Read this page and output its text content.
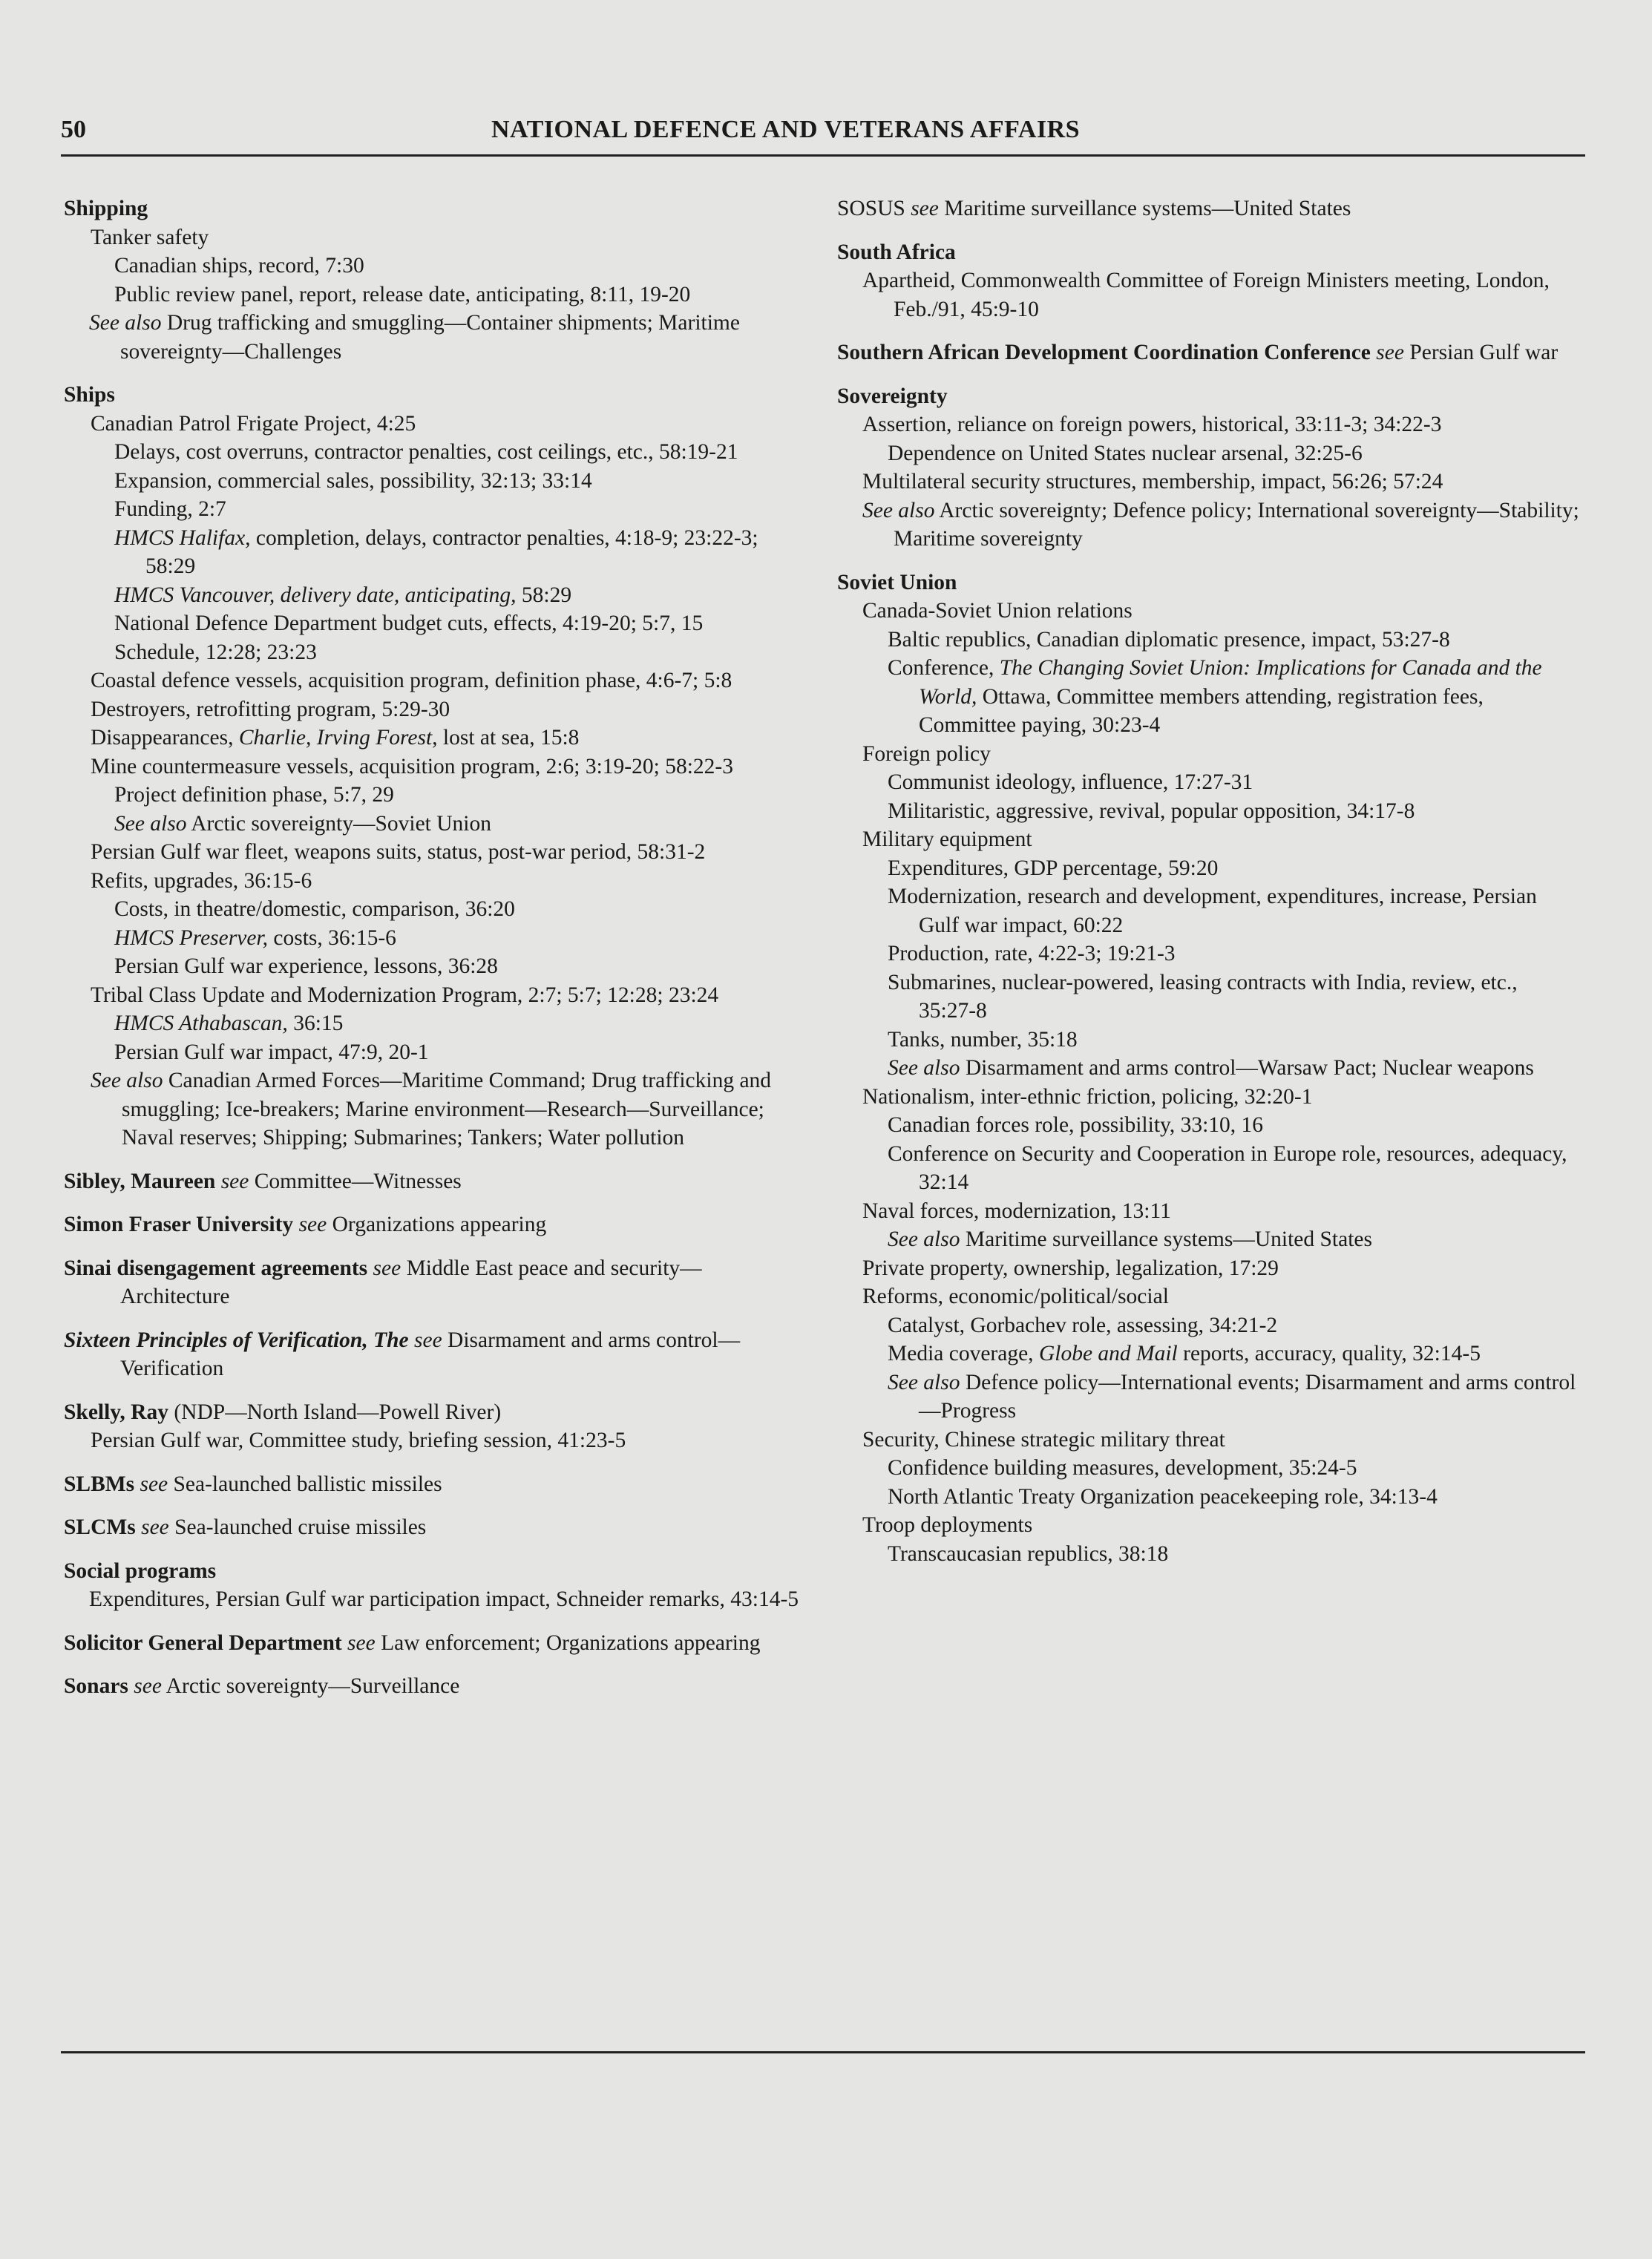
50	NATIONAL DEFENCE AND VETERANS AFFAIRS
Shipping
Tanker safety
Canadian ships, record, 7:30
Public review panel, report, release date, anticipating, 8:11, 19-20
See also Drug trafficking and smuggling—Container shipments; Maritime sovereignty—Challenges
Ships
Canadian Patrol Frigate Project, 4:25
Delays, cost overruns, contractor penalties, cost ceilings, etc., 58:19-21
Expansion, commercial sales, possibility, 32:13; 33:14
Funding, 2:7
HMCS Halifax, completion, delays, contractor penalties, 4:18-9; 23:22-3; 58:29
HMCS Vancouver, delivery date, anticipating, 58:29
National Defence Department budget cuts, effects, 4:19-20; 5:7, 15
Schedule, 12:28; 23:23
Coastal defence vessels, acquisition program, definition phase, 4:6-7; 5:8
Destroyers, retrofitting program, 5:29-30
Disappearances, Charlie, Irving Forest, lost at sea, 15:8
Mine countermeasure vessels, acquisition program, 2:6; 3:19-20; 58:22-3
Project definition phase, 5:7, 29
See also Arctic sovereignty—Soviet Union
Persian Gulf war fleet, weapons suits, status, post-war period, 58:31-2
Refits, upgrades, 36:15-6
Costs, in theatre/domestic, comparison, 36:20
HMCS Preserver, costs, 36:15-6
Persian Gulf war experience, lessons, 36:28
Tribal Class Update and Modernization Program, 2:7; 5:7; 12:28; 23:24
HMCS Athabascan, 36:15
Persian Gulf war impact, 47:9, 20-1
See also Canadian Armed Forces—Maritime Command; Drug trafficking and smuggling; Ice-breakers; Marine environment—Research—Surveillance; Naval reserves; Shipping; Submarines; Tankers; Water pollution
Sibley, Maureen see Committee—Witnesses
Simon Fraser University see Organizations appearing
Sinai disengagement agreements see Middle East peace and security—Architecture
Sixteen Principles of Verification, The see Disarmament and arms control—Verification
Skelly, Ray (NDP—North Island—Powell River)
Persian Gulf war, Committee study, briefing session, 41:23-5
SLBMs see Sea-launched ballistic missiles
SLCMs see Sea-launched cruise missiles
Social programs
Expenditures, Persian Gulf war participation impact, Schneider remarks, 43:14-5
Solicitor General Department see Law enforcement; Organizations appearing
Sonars see Arctic sovereignty—Surveillance
SOSUS see Maritime surveillance systems—United States
South Africa
Apartheid, Commonwealth Committee of Foreign Ministers meeting, London, Feb./91, 45:9-10
Southern African Development Coordination Conference see Persian Gulf war
Sovereignty
Assertion, reliance on foreign powers, historical, 33:11-3; 34:22-3
Dependence on United States nuclear arsenal, 32:25-6
Multilateral security structures, membership, impact, 56:26; 57:24
See also Arctic sovereignty; Defence policy; International sovereignty—Stability; Maritime sovereignty
Soviet Union
Canada-Soviet Union relations
Baltic republics, Canadian diplomatic presence, impact, 53:27-8
Conference, The Changing Soviet Union: Implications for Canada and the World, Ottawa, Committee members attending, registration fees, Committee paying, 30:23-4
Foreign policy
Communist ideology, influence, 17:27-31
Militaristic, aggressive, revival, popular opposition, 34:17-8
Military equipment
Expenditures, GDP percentage, 59:20
Modernization, research and development, expenditures, increase, Persian Gulf war impact, 60:22
Production, rate, 4:22-3; 19:21-3
Submarines, nuclear-powered, leasing contracts with India, review, etc., 35:27-8
Tanks, number, 35:18
See also Disarmament and arms control—Warsaw Pact; Nuclear weapons
Nationalism, inter-ethnic friction, policing, 32:20-1
Canadian forces role, possibility, 33:10, 16
Conference on Security and Cooperation in Europe role, resources, adequacy, 32:14
Naval forces, modernization, 13:11
See also Maritime surveillance systems—United States
Private property, ownership, legalization, 17:29
Reforms, economic/political/social
Catalyst, Gorbachev role, assessing, 34:21-2
Media coverage, Globe and Mail reports, accuracy, quality, 32:14-5
See also Defence policy—International events; Disarmament and arms control—Progress
Security, Chinese strategic military threat
Confidence building measures, development, 35:24-5
North Atlantic Treaty Organization peacekeeping role, 34:13-4
Troop deployments
Transcaucasian republics, 38:18
